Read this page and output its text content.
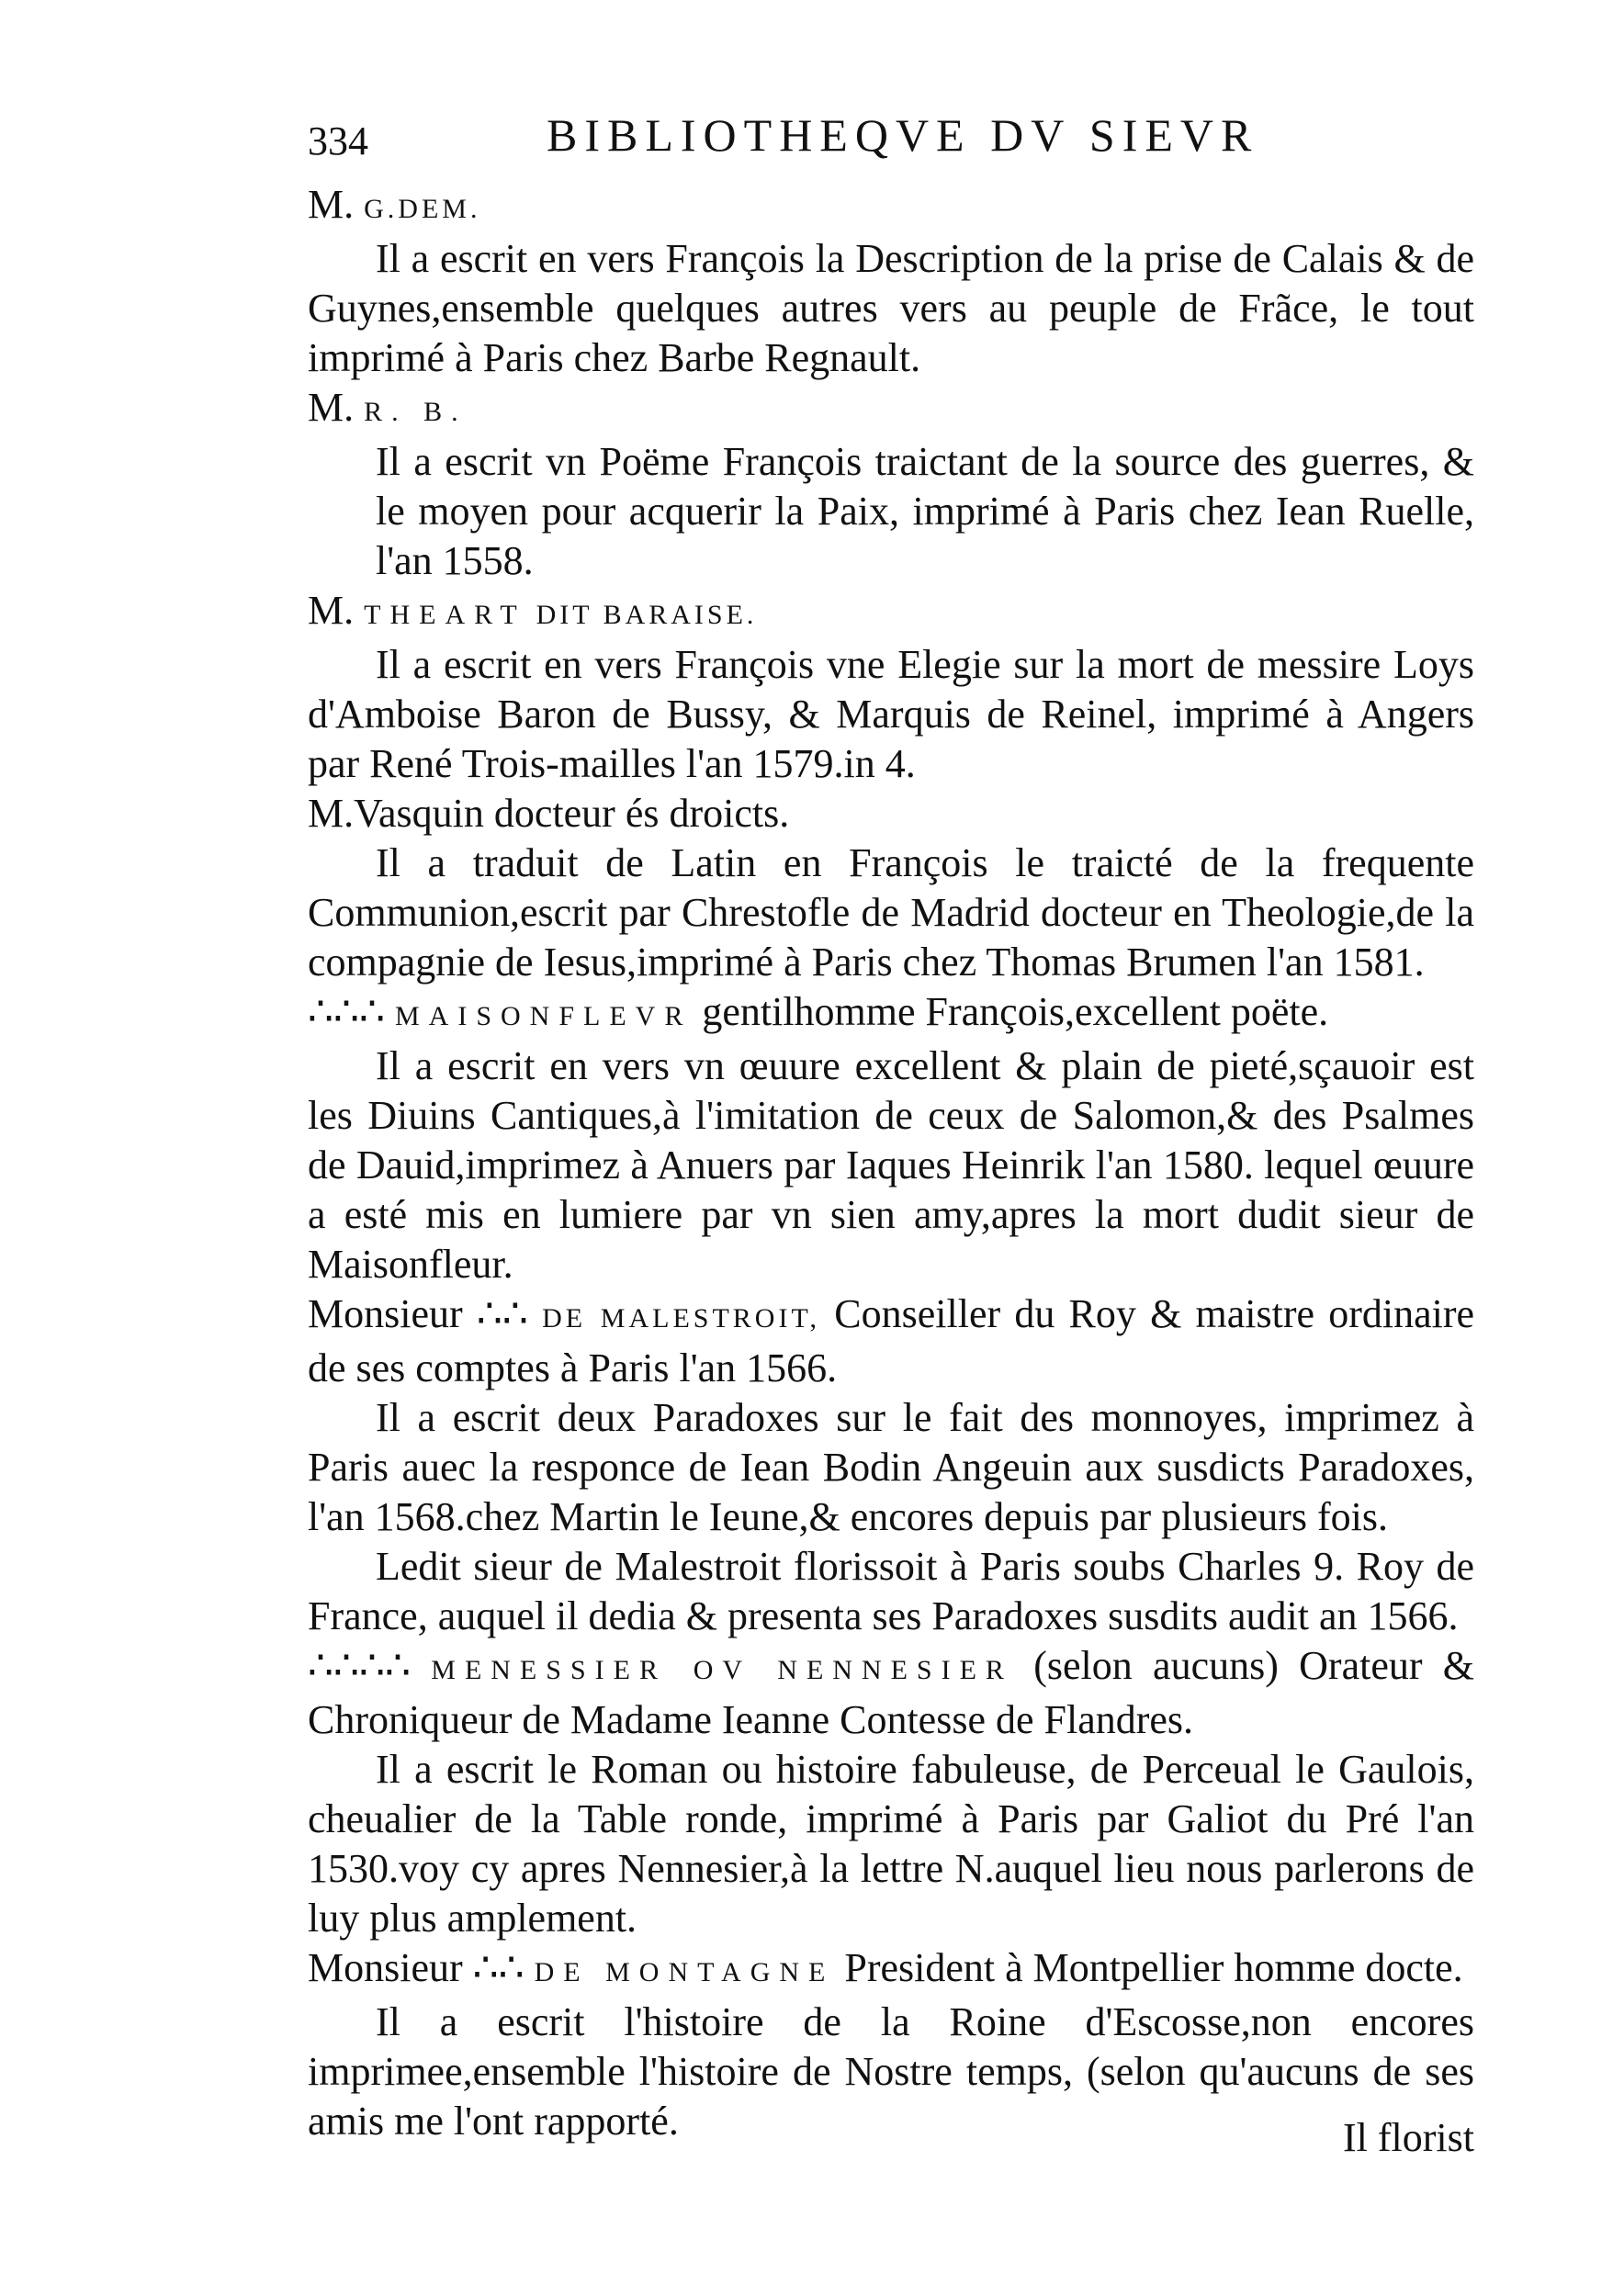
334	BIBLIOTHEQVE DV SIEVR
M. G.DEM.
Il a escrit en vers François la Description de la prise de Calais & de Guynes,ensemble quelques autres vers au peuple de Frãce, le tout imprimé à Paris chez Barbe Regnault.
M. R. B.
Il a escrit vn Poëme François traictant de la source des guerres, & le moyen pour acquerir la Paix, imprimé à Paris chez Iean Ruelle, l'an 1558.
M. THEART DIT BARAISE.
Il a escrit en vers François vne Elegie sur la mort de messire Loys d'Amboise Baron de Bussy, & Marquis de Reinel, imprimé à Angers par René Trois-mailles l'an 1579.in 4.
M.Vasquin docteur és droicts.
Il a traduit de Latin en François le traicté de la frequente Communion,escrit par Chrestofle de Madrid docteur en Theologie,de la compagnie de Iesus,imprimé à Paris chez Thomas Brumen l'an 1581.
∴∴∴ MAISONFLEVR gentilhomme François,excellent poëte.
Il a escrit en vers vn œuure excellent & plain de pieté,sçauoir est les Diuins Cantiques,à l'imitation de ceux de Salomon,& des Psalmes de Dauid,imprimez à Anuers par Iaques Heinrik l'an 1580. lequel œuure a esté mis en lumiere par vn sien amy,apres la mort dudit sieur de Maisonfleur.
Monsieur ∴∴ DE MALESTROIT, Conseiller du Roy & maistre ordinaire de ses comptes à Paris l'an 1566.
Il a escrit deux Paradoxes sur le fait des monnoyes, imprimez à Paris auec la responce de Iean Bodin Angeuin aux susdicts Paradoxes, l'an 1568.chez Martin le Ieune,& encores depuis par plusieurs fois.
Ledit sieur de Malestroit florissoit à Paris soubs Charles 9. Roy de France, auquel il dedia & presenta ses Paradoxes susdits audit an 1566.
∴∴∴∴ MENESSIER OV NENNESIER (selon aucuns) Orateur & Chroniqueur de Madame Ieanne Contesse de Flandres.
Il a escrit le Roman ou histoire fabuleuse, de Perceual le Gaulois, cheualier de la Table ronde, imprimé à Paris par Galiot du Pré l'an 1530.voy cy apres Nennesier,à la lettre N.auquel lieu nous parlerons de luy plus amplement.
Monsieur ∴∴ DE MONTAGNE President à Montpellier homme docte.
Il a escrit l'histoire de la Roine d'Escosse,non encores imprimee,ensemble l'histoire de Nostre temps, (selon qu'aucuns de ses amis me l'ont rapporté.	Il florist
